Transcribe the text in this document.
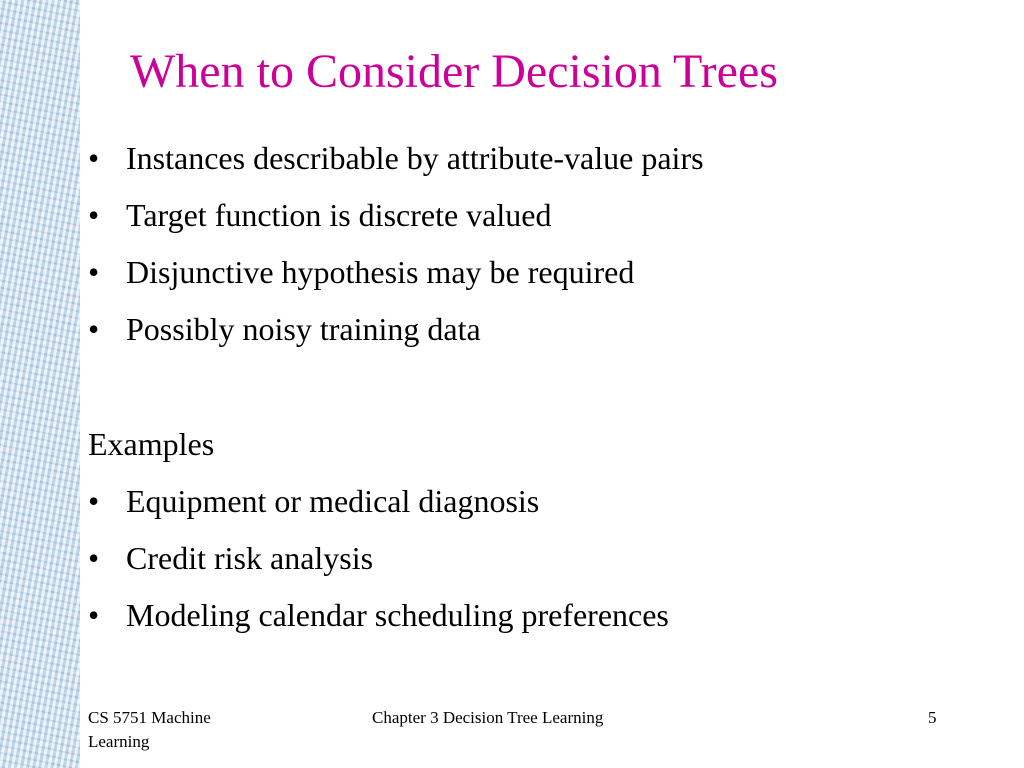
When to Consider Decision Trees
• Instances describable by attribute-value pairs
• Target function is discrete valued
• Disjunctive hypothesis may be required
• Possibly noisy training data
Examples
• Equipment or medical diagnosis
• Credit risk analysis
• Modeling calendar scheduling preferences
CS 5751 Machine Learning
Chapter 3 Decision Tree Learning	5
